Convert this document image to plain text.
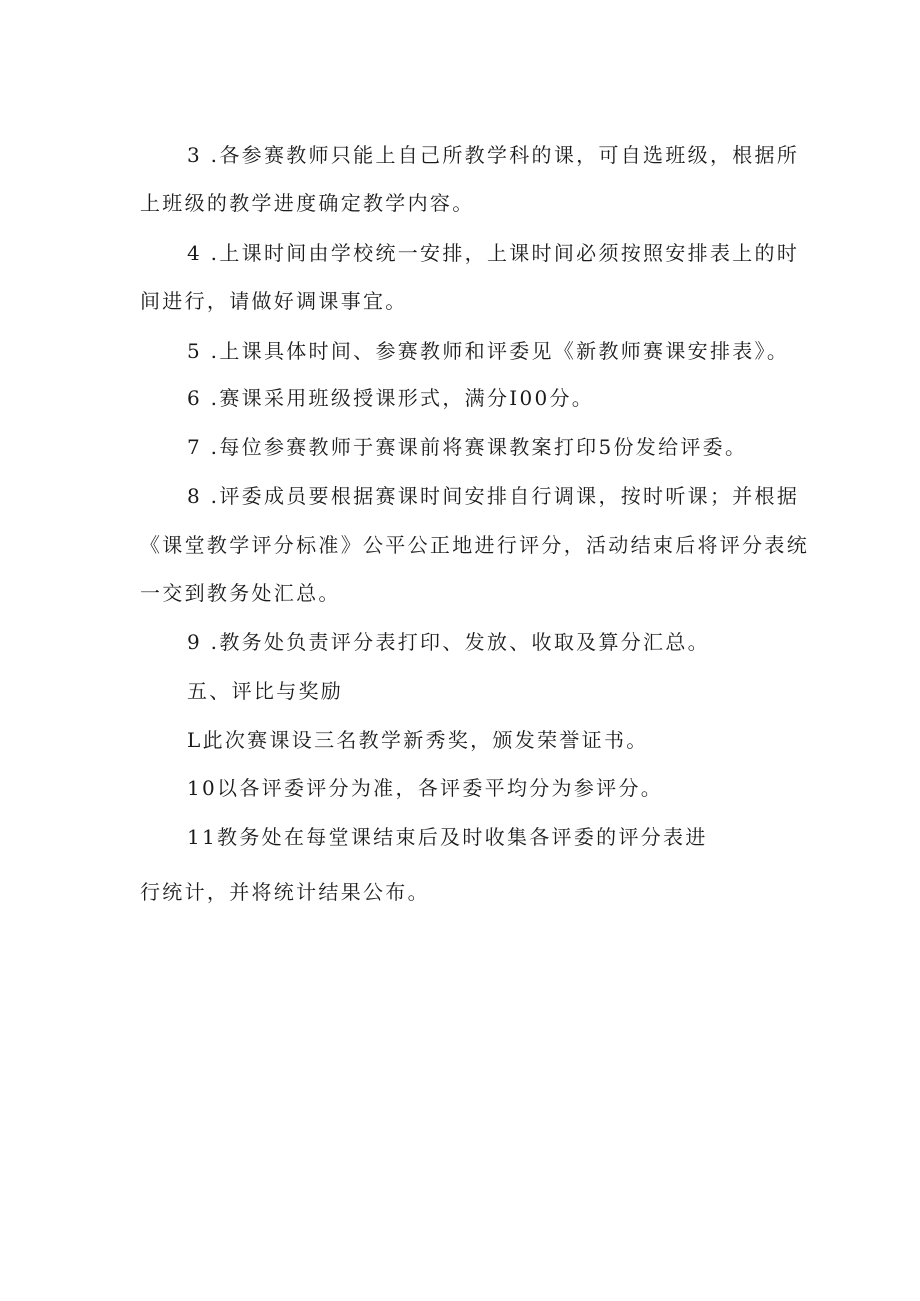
3 .各参赛教师只能上自己所教学科的课，可自选班级，根据所
上班级的教学进度确定教学内容。
4 .上课时间由学校统一安排，上课时间必须按照安排表上的时
间进行，请做好调课事宜。
5 .上课具体时间、参赛教师和评委见《新教师赛课安排表》。
6 .赛课采用班级授课形式，满分I00分。
7 .每位参赛教师于赛课前将赛课教案打印5份发给评委。
8 .评委成员要根据赛课时间安排自行调课，按时听课；并根据
《课堂教学评分标准》公平公正地进行评分，活动结束后将评分表统
一交到教务处汇总。
9 .教务处负责评分表打印、发放、收取及算分汇总。
五、评比与奖励
L此次赛课设三名教学新秀奖，颁发荣誉证书。
10以各评委评分为准，各评委平均分为参评分。
11教务处在每堂课结束后及时收集各评委的评分表进
行统计，并将统计结果公布。
